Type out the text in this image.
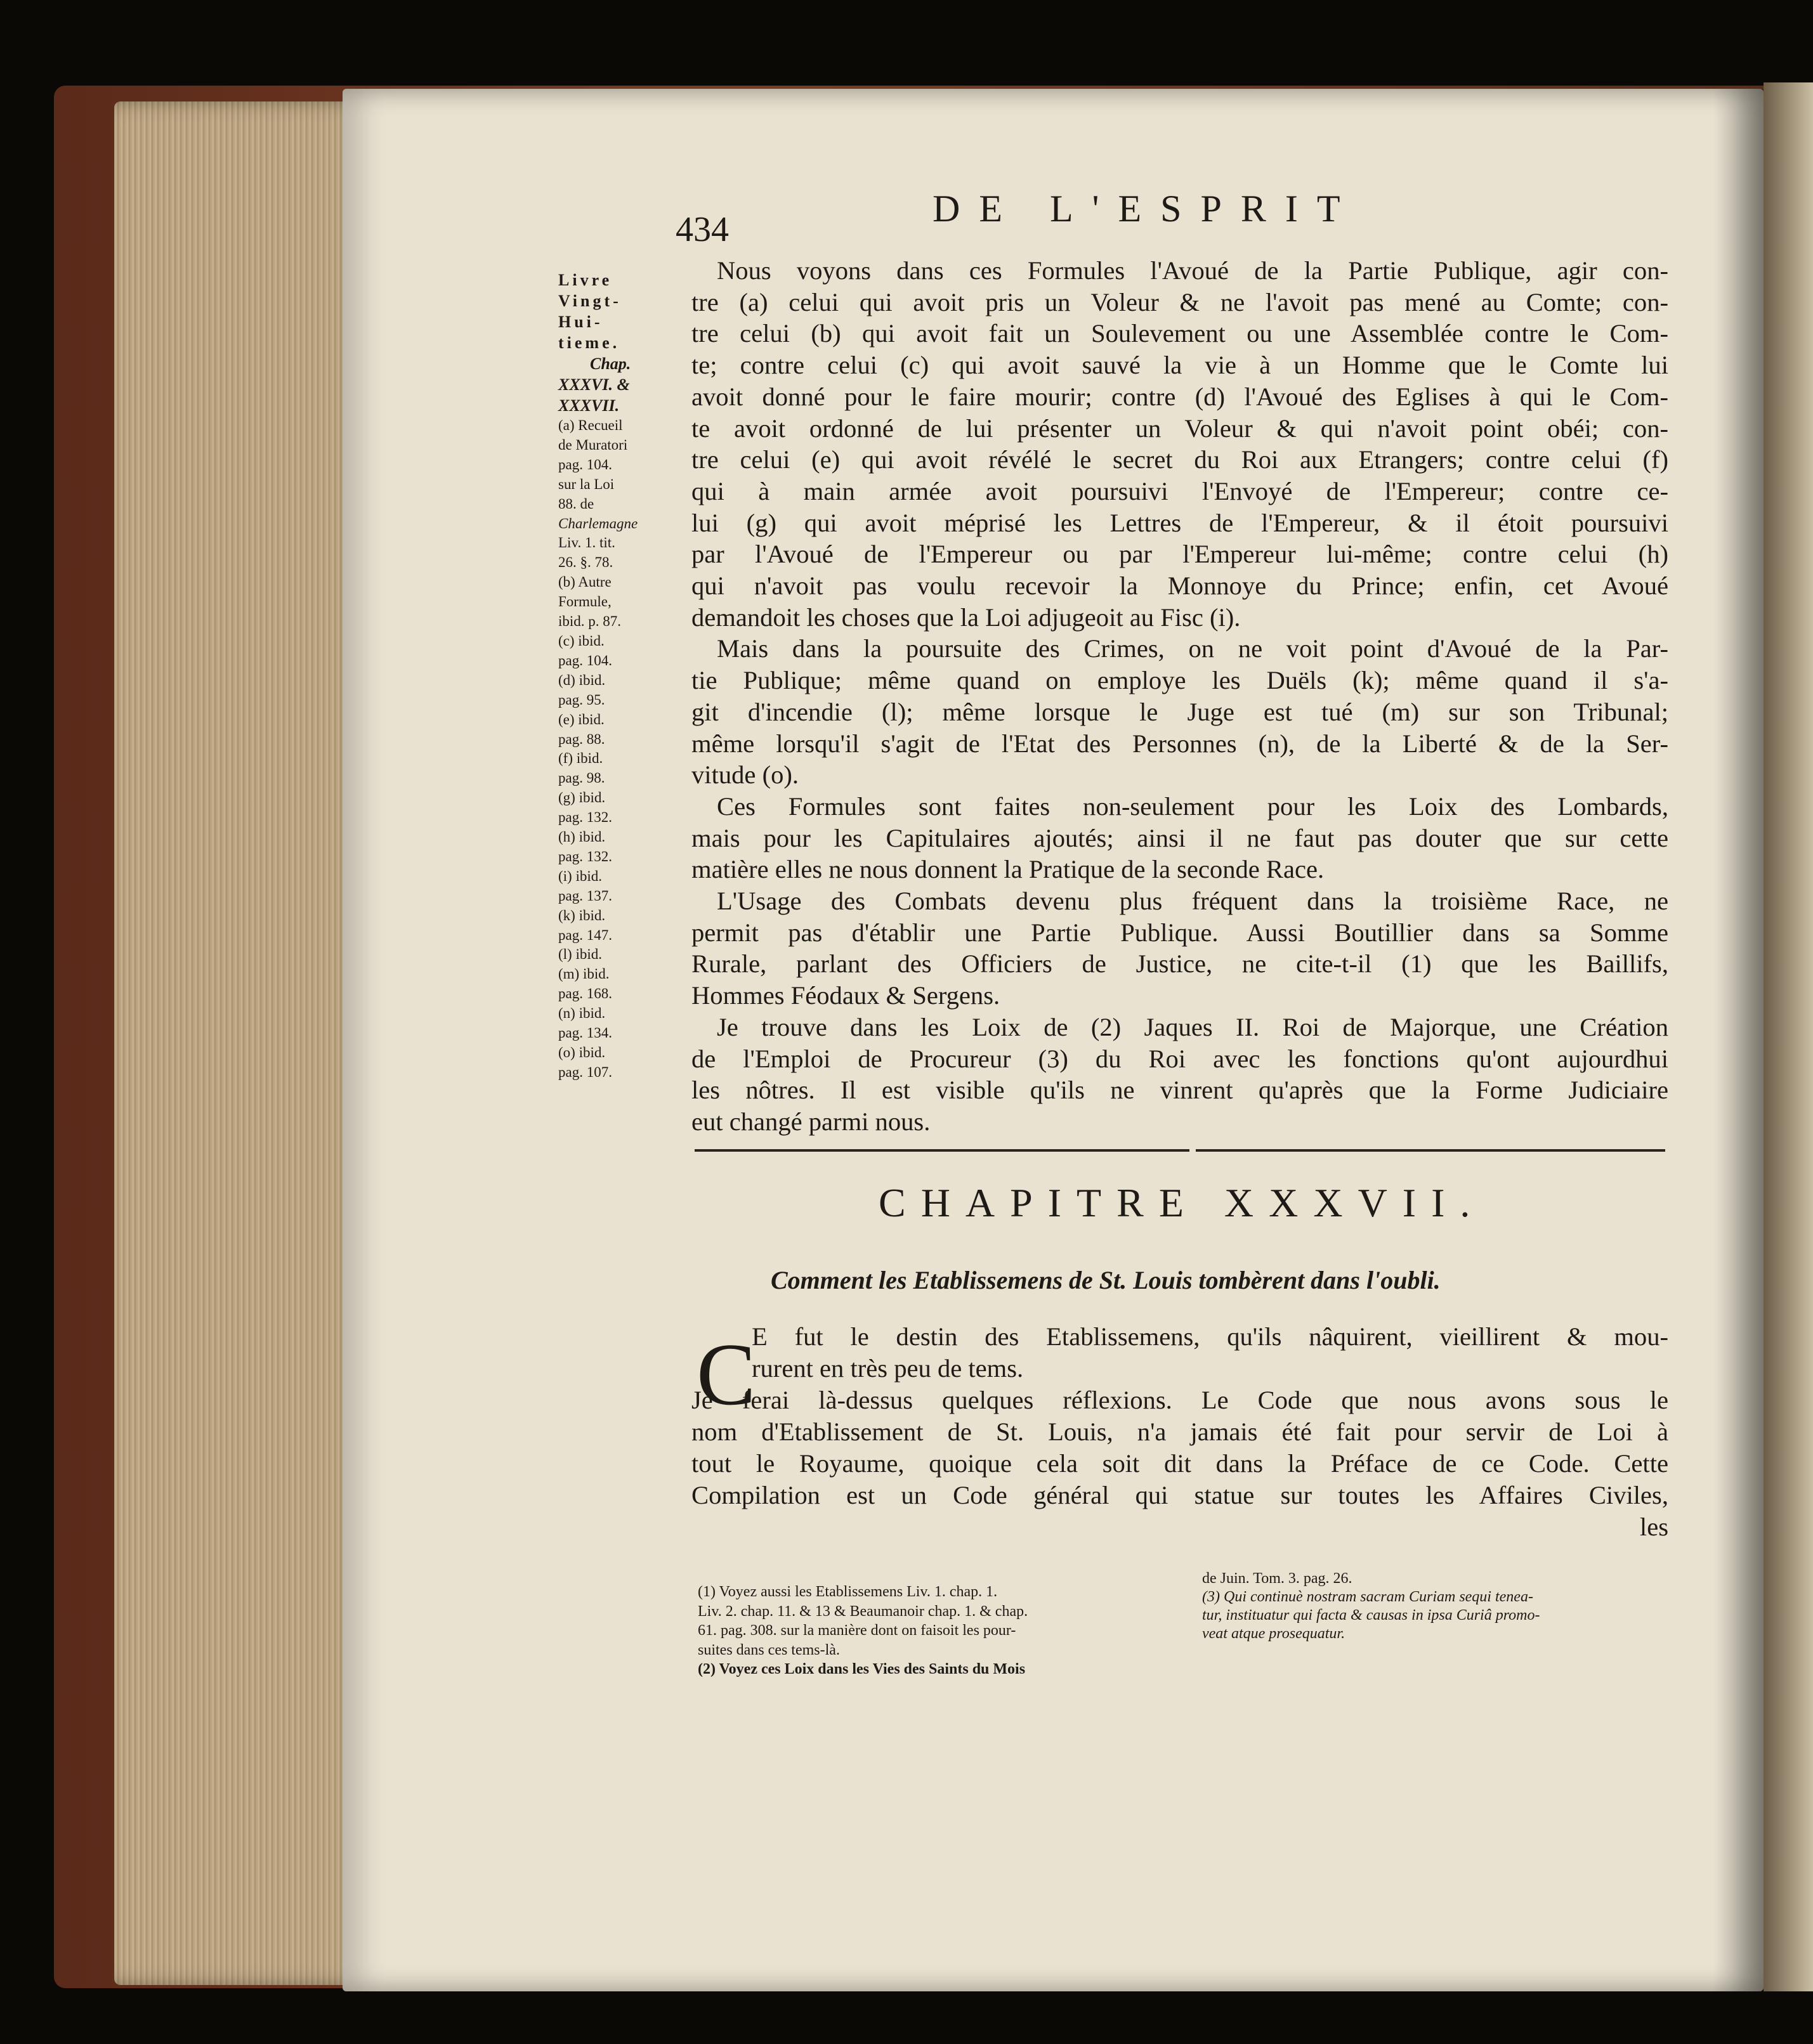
434	DE L'ESPRIT
Livre
Vingt-
Hui-
tieme.
Chap.
XXXVI. &
XXXVII.
(a) Recueil
de Muratori
pag. 104.
sur la Loi
88. de
Charlemagne
Liv. 1. tit.
26. §. 78.
(b) Autre
Formule,
ibid. p. 87.
(c) ibid.
pag. 104.
(d) ibid.
pag. 95.
(e) ibid.
pag. 88.
(f) ibid.
pag. 98.
(g) ibid.
pag. 132.
(h) ibid.
pag. 132.
(i) ibid.
pag. 137.
(k) ibid.
pag. 147.
(l) ibid.
(m) ibid.
pag. 168.
(n) ibid.
pag. 134.
(o) ibid.
pag. 107.
Nous voyons dans ces Formules l'Avoué de la Partie Publique, agir con-
tre (a) celui qui avoit pris un Voleur & ne l'avoit pas mené au Comte; con-
tre celui (b) qui avoit fait un Soulevement ou une Assemblée contre le Com-
te; contre celui (c) qui avoit sauvé la vie à un Homme que le Comte lui
avoit donné pour le faire mourir; contre (d) l'Avoué des Eglises à qui le Com-
te avoit ordonné de lui présenter un Voleur & qui n'avoit point obéi; con-
tre celui (e) qui avoit révélé le secret du Roi aux Etrangers; contre celui (f)
qui à main armée avoit poursuivi l'Envoyé de l'Empereur; contre ce-
lui (g) qui avoit méprisé les Lettres de l'Empereur, & il étoit poursuivi
par l'Avoué de l'Empereur ou par l'Empereur lui-même; contre celui (h)
qui n'avoit pas voulu recevoir la Monnoye du Prince; enfin, cet Avoué
demandoit les choses que la Loi adjugeoit au Fisc (i).
Mais dans la poursuite des Crimes, on ne voit point d'Avoué de la Par-
tie Publique; même quand on employe les Duëls (k); même quand il s'a-
git d'incendie (l); même lorsque le Juge est tué (m) sur son Tribunal;
même lorsqu'il s'agit de l'Etat des Personnes (n), de la Liberté & de la Ser-
vitude (o).
Ces Formules sont faites non-seulement pour les Loix des Lombards,
mais pour les Capitulaires ajoutés; ainsi il ne faut pas douter que sur cette
matière elles ne nous donnent la Pratique de la seconde Race.
L'Usage des Combats devenu plus fréquent dans la troisième Race, ne
permit pas d'établir une Partie Publique. Aussi Boutillier dans sa Somme
Rurale, parlant des Officiers de Justice, ne cite-t-il (1) que les Baillifs,
Hommes Féodaux & Sergens.
Je trouve dans les Loix de (2) Jaques II. Roi de Majorque, une Création
de l'Emploi de Procureur (3) du Roi avec les fonctions qu'ont aujourdhui
les nôtres. Il est visible qu'ils ne vinrent qu'après que la Forme Judiciaire
eut changé parmi nous.
CHAPITRE XXXVII.
Comment les Etablissemens de St. Louis tombèrent dans l'oubli.
C
E fut le destin des Etablissemens, qu'ils nâquirent, vieillirent & mou-
rurent en très peu de tems.
Je ferai là-dessus quelques réflexions. Le Code que nous avons sous le
nom d'Etablissement de St. Louis, n'a jamais été fait pour servir de Loi à
tout le Royaume, quoique cela soit dit dans la Préface de ce Code. Cette
Compilation est un Code général qui statue sur toutes les Affaires Civiles,
les
(1) Voyez aussi les Etablissemens Liv. 1. chap. 1.
Liv. 2. chap. 11. & 13 & Beaumanoir chap. 1. & chap.
61. pag. 308. sur la manière dont on faisoit les pour-
suites dans ces tems-là.
(2) Voyez ces Loix dans les Vies des Saints du Mois
de Juin. Tom. 3. pag. 26.
(3) Qui continuè nostram sacram Curiam sequi tenea-
tur, instituatur qui facta & causas in ipsa Curiâ promo-
veat atque prosequatur.
